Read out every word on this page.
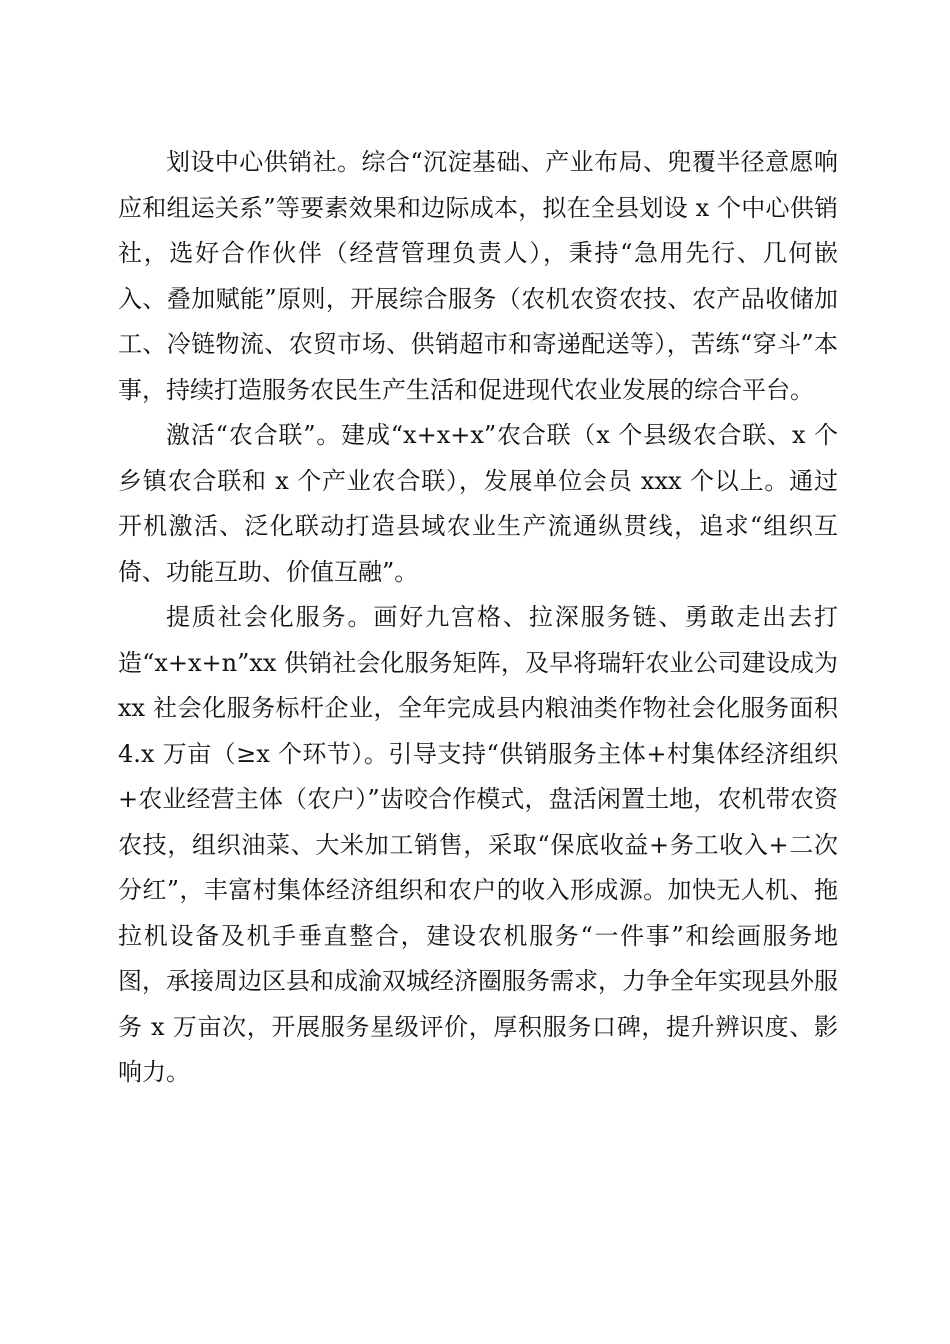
划设中心供销社。综合“沉淀基础、产业布局、兜覆半径意愿响应和组运关系”等要素效果和边际成本，拟在全县划设 x 个中心供销社，选好合作伙伴（经营管理负责人），秉持“急用先行、几何嵌入、叠加赋能”原则，开展综合服务（农机农资农技、农产品收储加工、冷链物流、农贸市场、供销超市和寄递配送等），苦练“穿斗”本事，持续打造服务农民生产生活和促进现代农业发展的综合平台。

激活“农合联”。建成“x+x+x”农合联（x 个县级农合联、x 个乡镇农合联和 x 个产业农合联），发展单位会员 xxx 个以上。通过开机激活、泛化联动打造县域农业生产流通纵贯线，追求“组织互倚、功能互助、价值互融”。

提质社会化服务。画好九宫格、拉深服务链、勇敢走出去打造“x+x+n”xx 供销社会化服务矩阵，及早将瑞轩农业公司建设成为 xx 社会化服务标杆企业，全年完成县内粮油类作物社会化服务面积 4.x 万亩（≥x 个环节）。引导支持“供销服务主体+村集体经济组织+农业经营主体（农户）”齿咬合作模式，盘活闲置土地，农机带农资农技，组织油菜、大米加工销售，采取“保底收益+务工收入+二次分红”，丰富村集体经济组织和农户的收入形成源。加快无人机、拖拉机设备及机手垂直整合，建设农机服务“一件事”和绘画服务地图，承接周边区县和成渝双城经济圈服务需求，力争全年实现县外服务 x 万亩次，开展服务星级评价，厚积服务口碑，提升辨识度、影响力。
